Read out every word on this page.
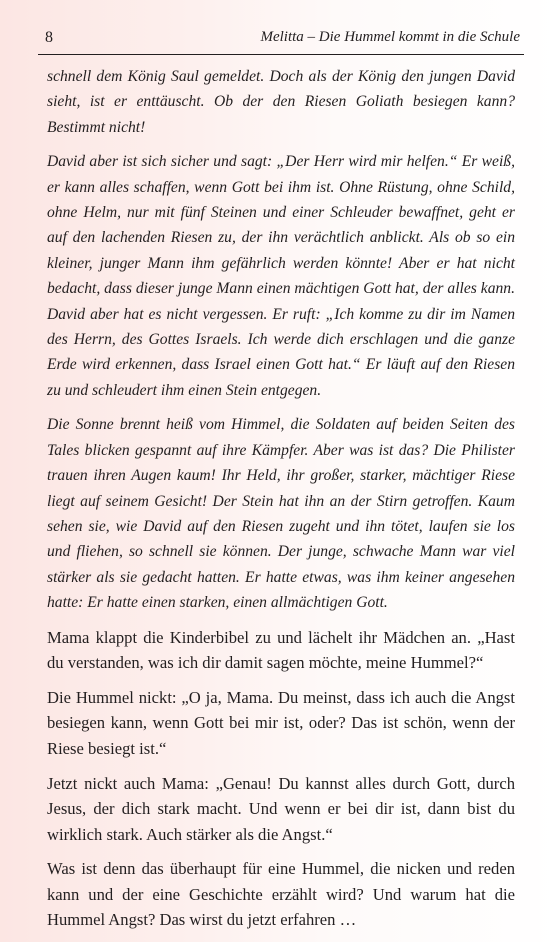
8	Melitta – Die Hummel kommt in die Schule

schnell dem König Saul gemeldet. Doch als der König den jungen David sieht, ist er enttäuscht. Ob der den Riesen Goliath besiegen kann? Bestimmt nicht!

David aber ist sich sicher und sagt: „Der Herr wird mir helfen.“ Er weiß, er kann alles schaffen, wenn Gott bei ihm ist. Ohne Rüstung, ohne Schild, ohne Helm, nur mit fünf Steinen und einer Schleuder bewaffnet, geht er auf den lachenden Riesen zu, der ihn verächtlich anblickt. Als ob so ein kleiner, junger Mann ihm gefährlich werden könnte! Aber er hat nicht bedacht, dass dieser junge Mann einen mächtigen Gott hat, der alles kann. David aber hat es nicht vergessen. Er ruft: „Ich komme zu dir im Namen des Herrn, des Gottes Israels. Ich werde dich erschlagen und die ganze Erde wird erkennen, dass Israel einen Gott hat.“ Er läuft auf den Riesen zu und schleudert ihm einen Stein entgegen.

Die Sonne brennt heiß vom Himmel, die Soldaten auf beiden Seiten des Tales blicken gespannt auf ihre Kämpfer. Aber was ist das? Die Philister trauen ihren Augen kaum! Ihr Held, ihr großer, starker, mächtiger Riese liegt auf seinem Gesicht! Der Stein hat ihn an der Stirn getroffen. Kaum sehen sie, wie David auf den Riesen zugeht und ihn tötet, laufen sie los und fliehen, so schnell sie können. Der junge, schwache Mann war viel stärker als sie gedacht hatten. Er hatte etwas, was ihm keiner angesehen hatte: Er hatte einen starken, einen allmächtigen Gott.

Mama klappt die Kinderbibel zu und lächelt ihr Mädchen an. „Hast du verstanden, was ich dir damit sagen möchte, meine Hummel?“

Die Hummel nickt: „O ja, Mama. Du meinst, dass ich auch die Angst besiegen kann, wenn Gott bei mir ist, oder? Das ist schön, wenn der Riese besiegt ist.“

Jetzt nickt auch Mama: „Genau! Du kannst alles durch Gott, durch Jesus, der dich stark macht. Und wenn er bei dir ist, dann bist du wirklich stark. Auch stärker als die Angst.“

Was ist denn das überhaupt für eine Hummel, die nicken und reden kann und der eine Geschichte erzählt wird? Und warum hat die Hummel Angst? Das wirst du jetzt erfahren …
